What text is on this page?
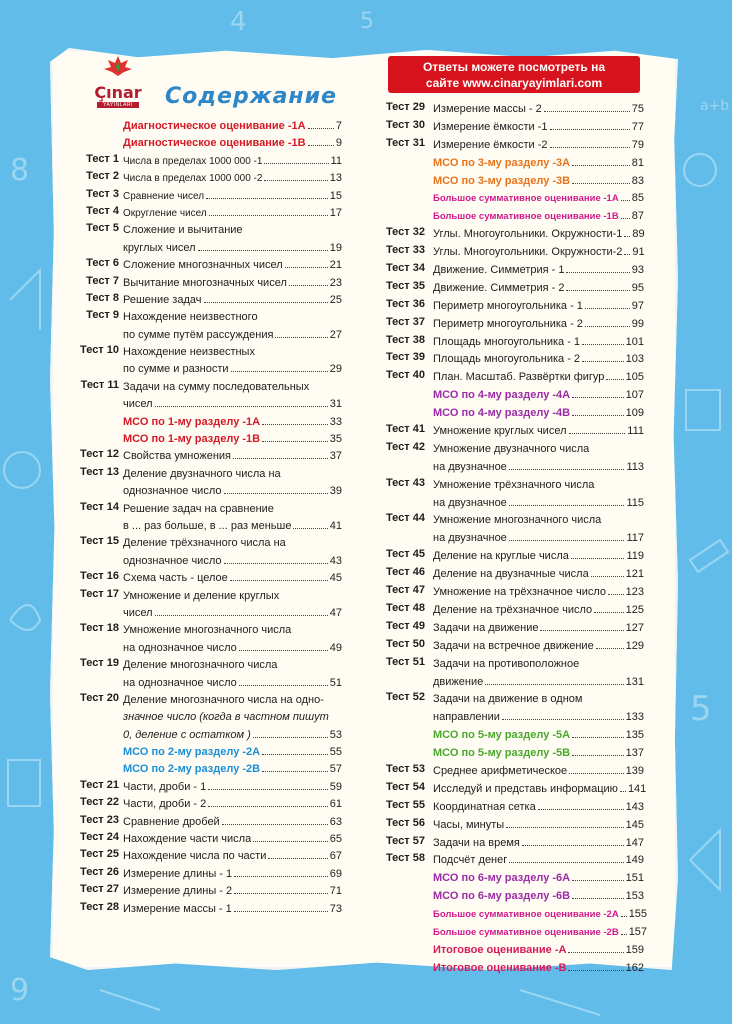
4	5
8
5
9
a+b
Çınar
YAYINLARI Содержание
Ответы можете посмотреть на
сайте www.cinaryayimlari.com
Диагностическое оценивание -1А	7
Диагностическое оценивание -1В	9
Тест 1 Числа в пределах 1000 000 -1	11
Тест 2 Числа в пределах 1000 000 -2	13
Тест 3 Сравнение чисел	15
Тест 4 Округление чисел	17
Тест 5 Сложение и вычитание
круглых чисел	19
Тест 6 Сложение многозначных чисел	21
Тест 7 Вычитание многозначных чисел	23
Тест 8 Решение задач	25
Тест 9 Нахождение неизвестного
по сумме путём рассуждения	27
Тест 10 Нахождение неизвестных
по сумме и разности	29
Тест 11 Задачи на сумму последовательных
чисел	31
МСО по 1-му разделу -1А	33
МСО по 1-му разделу -1В	35
Тест 12 Свойства умножения	37
Тест 13 Деление двузначного числа на
однозначное число	39
Тест 14 Решение задач на сравнение
в ... раз больше, в ... раз меньше	41
Тест 15 Деление трёхзначного числа на
однозначное число	43
Тест 16 Схема часть - целое	45
Тест 17 Умножение и деление круглых
чисел	47
Тест 18 Умножение многозначного числа
на однозначное число	49
Тест 19 Деление многозначного числа
на однозначное число	51
Тест 20 Деление многозначного числа на одно-
значное число (когда в частном пишут
0, деление с остатком )	53
МСО по 2-му разделу -2А	55
МСО по 2-му разделу -2В	57
Тест 21 Части, дроби - 1	59
Тест 22 Части, дроби - 2	61
Тест 23 Сравнение дробей	63
Тест 24 Нахождение части числа	65
Тест 25 Нахождение числа по части	67
Тест 26 Измерение длины - 1	69
Тест 27 Измерение длины - 2	71
Тест 28 Измерение массы - 1	73
Тест 29 Измерение массы - 2	75
Тест 30 Измерение ёмкости -1	77
Тест 31 Измерение ёмкости -2	79
МСО по 3-му разделу -3А	81
МСО по 3-му разделу -3В	83
Большое суммативное оценивание -1А 85
Большое суммативное оценивание -1В 87
Тест 32 Углы. Многоугольники. Окружности-1 89
Тест 33 Углы. Многоугольники. Окружности-2 91
Тест 34 Движение. Симметрия - 1	93
Тест 35 Движение. Симметрия - 2	95
Тест 36 Периметр многоугольника - 1	97
Тест 37 Периметр многоугольника - 2	99
Тест 38 Площадь многоугольника - 1	101
Тест 39 Площадь многоугольника - 2	103
Тест 40 План. Масштаб. Развёртки фигур 105
МСО по 4-му разделу -4А	107
МСО по 4-му разделу -4В	109
Тест 41 Умножение круглых чисел	111
Тест 42 Умножение двузначного числа
на двузначное	113
Тест 43 Умножение трёхзначного числа
на двузначное	115
Тест 44 Умножение многозначного числа
на двузначное	117
Тест 45 Деление на круглые числа	119
Тест 46 Деление на двузначные числа	121
Тест 47 Умножение на трёхзначное число 123
Тест 48 Деление на трёхзначное число	125
Тест 49 Задачи на движение	127
Тест 50 Задачи на встречное движение	129
Тест 51 Задачи на противоположное
движение	131
Тест 52 Задачи на движение в одном
направлении	133
МСО по 5-му разделу -5А	135
МСО по 5-му разделу -5В	137
Тест 53 Среднее арифметическое	139
Тест 54 Исследуй и представь информацию 141
Тест 55 Координатная сетка	143
Тест 56 Часы, минуты	145
Тест 57 Задачи на время	147
Тест 58 Подсчёт денег	149
МСО по 6-му разделу -6А	151
МСО по 6-му разделу -6В	153
Большое суммативное оценивание -2А 155
Большое суммативное оценивание -2В 157
Итоговое оценивание -А	159
Итоговое оценивание -В	162
